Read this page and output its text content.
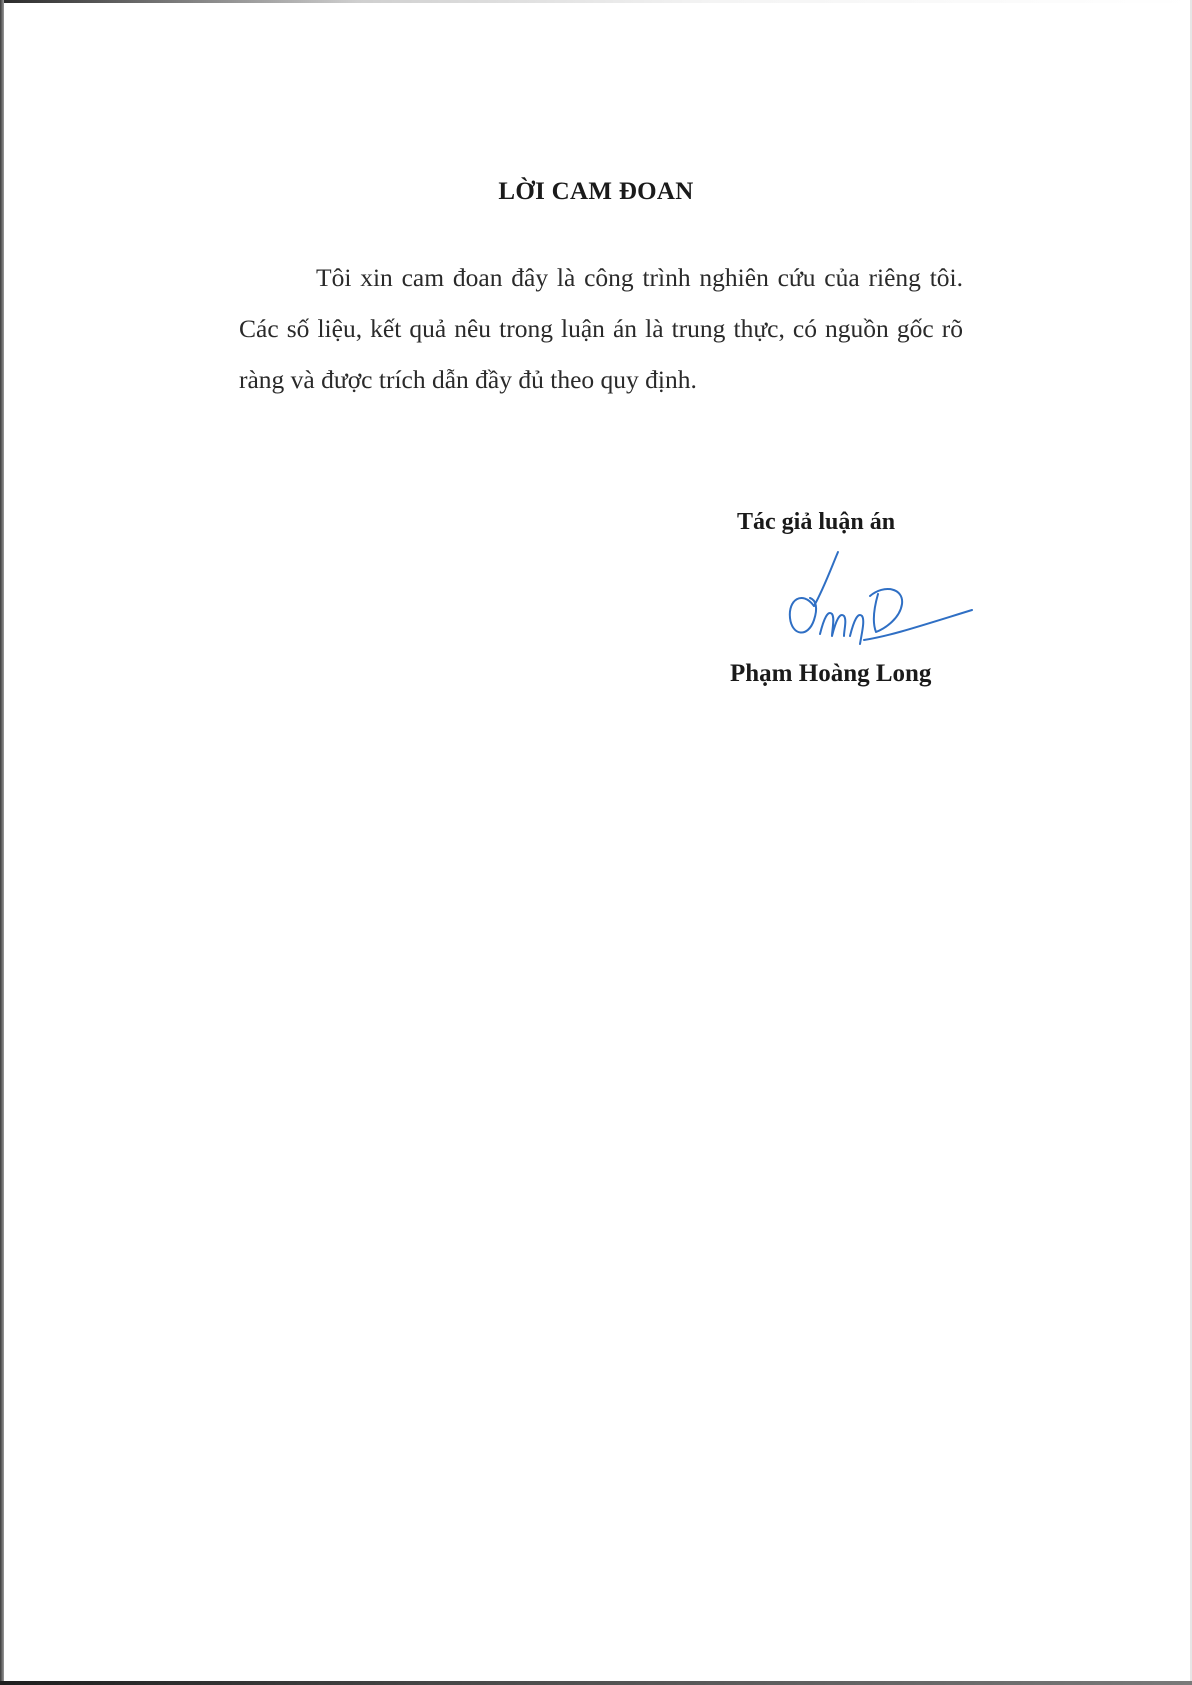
LỜI CAM ĐOAN

Tôi xin cam đoan đây là công trình nghiên cứu của riêng tôi. Các số liệu, kết quả nêu trong luận án là trung thực, có nguồn gốc rõ ràng và được trích dẫn đầy đủ theo quy định.

Tác giả luận án
Phạm Hoàng Long
